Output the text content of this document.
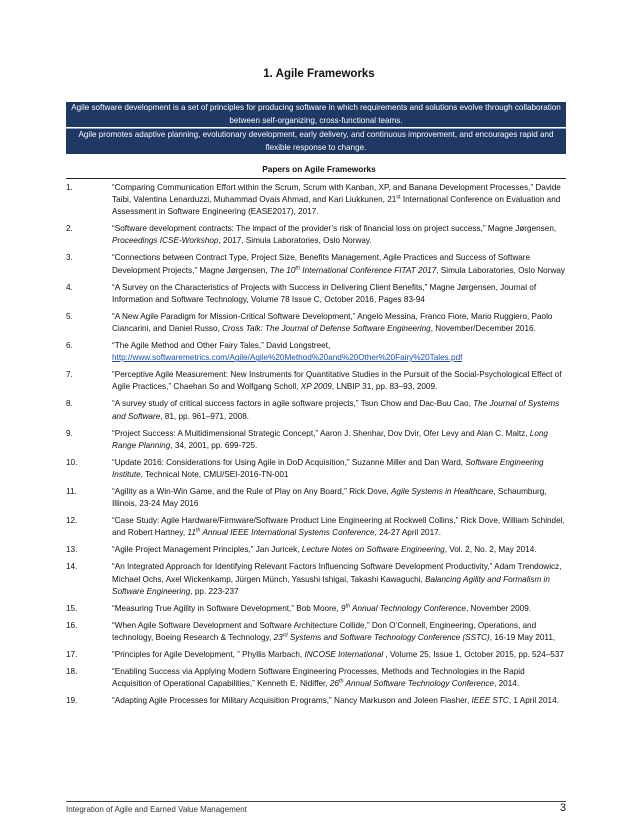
1. Agile Frameworks
Agile software development is a set of principles for producing software in which requirements and solutions evolve through collaboration between self-organizing, cross-functional teams.
Agile promotes adaptive planning, evolutionary development, early delivery, and continuous improvement, and encourages rapid and flexible response to change.
Papers on Agile Frameworks
1.	“Comparing Communication Effort within the Scrum, Scrum with Kanban, XP, and Banana Development Processes,” Davide Taibi, Valentina Lenarduzzi, Muhammad Ovais Ahmad, and Kari Liukkunen, 21st International Conference on Evaluation and Assessment in Software Engineering (EASE2017), 2017.
2.	“Software development contracts: The impact of the provider’s risk of financial loss on project success,” Magne Jørgensen, Proceedings ICSE-Workshop, 2017, Simula Laboratories, Oslo Norway.
3.	“Connections between Contract Type, Project Size, Benefits Management, Agile Practices and Success of Software Development Projects,” Magne Jørgensen, The 10th International Conference FITAT 2017, Simula Laboratories, Oslo Norway
4.	“A Survey on the Characteristics of Projects with Success in Delivering Client Benefits,” Magne Jørgensen, Journal of Information and Software Technology, Volume 78 Issue C, October 2016, Pages 83-94
5.	“A New Agile Paradigm for Mission-Critical Software Development,” Angelo Messina, Franco Fiore, Mario Ruggiero, Paolo Ciancarini, and Daniel Russo, Cross Talk: The Journal of Defense Software Engineering, November/December 2016.
6.	“The Agile Method and Other Fairy Tales,” David Longstreet, http://www.softwaremetrics.com/Agile/Agile%20Method%20and%20Other%20Fairy%20Tales.pdf
7.	“Perceptive Agile Measurement: New Instruments for Quantitative Studies in the Pursuit of the Social-Psychological Effect of Agile Practices,” Chaehan So and Wolfgang Scholl, XP 2009, LNBIP 31, pp. 83–93, 2009.
8.	“A survey study of critical success factors in agile software projects,” Tsun Chow and Dac-Buu Cao, The Journal of Systems and Software, 81, pp. 961–971, 2008.
9.	“Project Success: A Multidimensional Strategic Concept,” Aaron J. Shenhar, Dov Dvir, Ofer Levy and Alan C. Maltz, Long Range Planning, 34, 2001, pp. 699-725.
10.	“Update 2016: Considerations for Using Agile in DoD Acquisition,” Suzanne Miller and Dan Ward, Software Engineering Institute, Technical Note, CMU/SEI-2016-TN-001
11.	“Agility as a Win-Win Game, and the Rule of Play on Any Board,” Rick Dove, Agile Systems in Healthcare, Schaumburg, Illinois, 23-24 May 2016
12.	“Case Study: Agile Hardware/Firmware/Software Product Line Engineering at Rockwell Collins,” Rick Dove, William Schindel, and Robert Hartney, 11th Annual IEEE International Systems Conference, 24-27 April 2017.
13.	“Agile Project Management Principles,” Jan Juricek, Lecture Notes on Software Engineering, Vol. 2, No. 2, May 2014.
14.	“An Integrated Approach for Identifying Relevant Factors Influencing Software Development Productivity,” Adam Trendowicz, Michael Ochs, Axel Wickenkamp, Jürgen Münch, Yasushi Ishigai, Takashi Kawaguchi, Balancing Agility and Formalism in Software Engineering, pp. 223-237
15.	“Measuring True Agility in Software Development,” Bob Moore, 9th Annual Technology Conference, November 2009.
16.	“When Agile Software Development and Software Architecture Collide,” Don O’Connell, Engineering, Operations, and technology, Boeing Research & Technology, 23rd Systems and Software Technology Conference (SSTC), 16-19 May 2011,
17.	“Principles for Agile Development, ” Phyllis Marbach, INCOSE International , Volume 25, Issue 1, October 2015, pp. 524–537
18.	“Enabling Success via Applying Modern Software Engineering Processes, Methods and Technologies in the Rapid Acquisition of Operational Capabilities,” Kenneth E. Nidiffer, 26th Annual Software Technology Conference, 2014.
19.	“Adapting Agile Processes for Military Acquisition Programs,” Nancy Markuson and Joleen Flasher, IEEE STC, 1 April 2014.
Integration of Agile and Earned Value Management	3
